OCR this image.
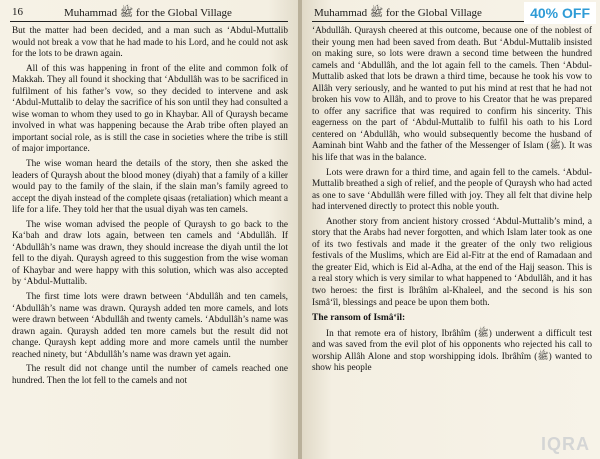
16	Muhammad ﷺ for the Global Village

But the matter had been decided, and a man such as ‘Abdul-Muttalib would not break a vow that he had made to his Lord, and he could not ask for the lots to be drawn again.

All of this was happening in front of the elite and common folk of Makkah. They all found it shocking that ‘Abdullâh was to be sacrificed in fulfilment of his father’s vow, so they decided to intervene and ask ‘Abdul-Muttalib to delay the sacrifice of his son until they had consulted a wise woman to whom they used to go in Khaybar. All of Quraysh became involved in what was happening because the Arab tribe often played an important social role, as is still the case in societies where the tribe is still of major importance.

The wise woman heard the details of the story, then she asked the leaders of Quraysh about the blood money (diyah) that a family of a killer would pay to the family of the slain, if the slain man’s family agreed to accept the diyah instead of the complete qisaas (retaliation) which meant a life for a life. They told her that the usual diyah was ten camels.

The wise woman advised the people of Quraysh to go back to the Ka‘bah and draw lots again, between ten camels and ‘Abdullâh. If ‘Abdullâh’s name was drawn, they should increase the diyah until the lot fell to the diyah. Quraysh agreed to this suggestion from the wise woman of Khaybar and were happy with this solution, which was also accepted by ‘Abdul-Muttalib.

The first time lots were drawn between ‘Abdullâh and ten camels, ‘Abdullâh’s name was drawn. Quraysh added ten more camels, and lots were drawn between ‘Abdullâh and twenty camels. ‘Abdullâh’s name was drawn again. Quraysh added ten more camels but the result did not change. Quraysh kept adding more and more camels until the number reached ninety, but ‘Abdullâh’s name was drawn yet again.

The result did not change until the number of camels reached one hundred. Then the lot fell to the camels and not

Muhammad ﷺ for the Global Village

‘Abdullâh. Quraysh cheered at this outcome, because one of the noblest of their young men had been saved from death. But ‘Abdul-Muttalib insisted on making sure, so lots were drawn a second time between the hundred camels and ‘Abdullâh, and the lot again fell to the camels. Then ‘Abdul-Muttalib asked that lots be drawn a third time, because he took his vow to Allâh very seriously, and he wanted to put his mind at rest that he had not broken his vow to Allâh, and to prove to his Creator that he was prepared to offer any sacrifice that was required to confirm his sincerity. This eagerness on the part of ‘Abdul-Muttalib to fulfil his oath to his Lord centered on ‘Abdullâh, who would subsequently become the husband of Aaminah bint Wahb and the father of the Messenger of Islam (ﷺ). It was his life that was in the balance.

Lots were drawn for a third time, and again fell to the camels. ‘Abdul-Muttalib breathed a sigh of relief, and the people of Quraysh who had acted as one to save ‘Abdullâh were filled with joy. They all felt that divine help had intervened directly to protect this noble youth.

Another story from ancient history crossed ‘Abdul-Muttalib’s mind, a story that the Arabs had never forgotten, and which Islam later took as one of its two festivals and made it the greater of the only two religious festivals of the Muslims, which are Eid al-Fitr at the end of Ramadaan and the greater Eid, which is Eid al-Adha, at the end of the Hajj season. This is a real story which is very similar to what happened to ‘Abdullâh, and it has two heroes: the first is Ibrâhîm al-Khaleel, and the second is his son Ismâ‘îl, blessings and peace be upon them both.

The ransom of Ismâ‘îl:

In that remote era of history, Ibrâhîm (ﷺ) underwent a difficult test and was saved from the evil plot of his opponents who rejected his call to worship Allâh Alone and stop worshipping idols. Ibrâhîm (ﷺ) wanted to show his people

40% OFF
IQRA
